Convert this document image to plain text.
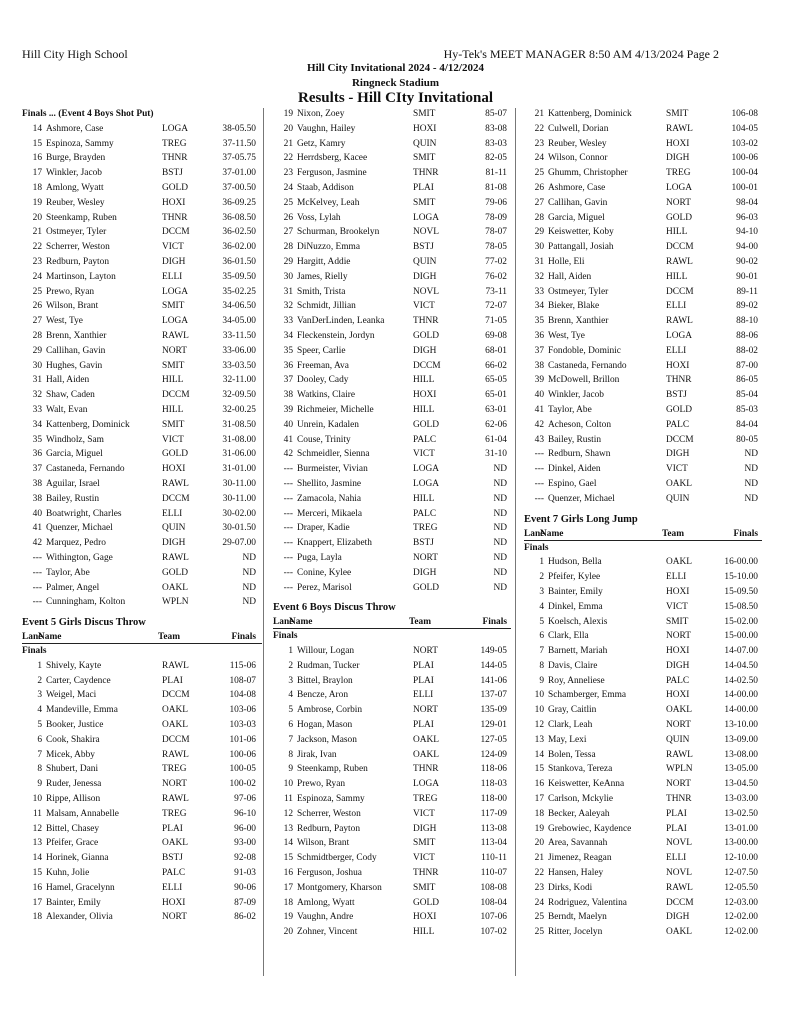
Hill City High School	Hy-Tek's MEET MANAGER 8:50 AM 4/13/2024 Page 2
Hill City Invitational 2024 - 4/12/2024
Ringneck Stadium
Results - Hill CIty Invitational
Finals ... (Event 4 Boys Shot Put)
14 Ashmore, Case	LOGA	38-05.50
15 Espinoza, Sammy	TREG	37-11.50
16 Burge, Brayden	THNR	37-05.75
17 Winkler, Jacob	BSTJ	37-01.00
18 Amlong, Wyatt	GOLD	37-00.50
19 Reuber, Wesley	HOXI	36-09.25
20 Steenkamp, Ruben	THNR	36-08.50
21 Ostmeyer, Tyler	DCCM	36-02.50
22 Scherrer, Weston	VICT	36-02.00
23 Redburn, Payton	DIGH	36-01.50
24 Martinson, Layton	ELLI	35-09.50
25 Prewo, Ryan	LOGA	35-02.25
26 Wilson, Brant	SMIT	34-06.50
27 West, Tye	LOGA	34-05.00
28 Brenn, Xanthier	RAWL	33-11.50
29 Callihan, Gavin	NORT	33-06.00
30 Hughes, Gavin	SMIT	33-03.50
31 Hall, Aiden	HILL	32-11.00
32 Shaw, Caden	DCCM	32-09.50
33 Walt, Evan	HILL	32-00.25
34 Kattenberg, Dominick	SMIT	31-08.50
35 Windholz, Sam	VICT	31-08.00
36 Garcia, Miguel	GOLD	31-06.00
37 Castaneda, Fernando	HOXI	31-01.00
38 Aguilar, Israel	RAWL	30-11.00
38 Bailey, Rustin	DCCM	30-11.00
40 Boatwright, Charles	ELLI	30-02.00
41 Quenzer, Michael	QUIN	30-01.50
42 Marquez, Pedro	DIGH	29-07.00
--- Withington, Gage	RAWL	ND
--- Taylor, Abe	GOLD	ND
--- Palmer, Angel	OAKL	ND
--- Cunningham, Kolton	WPLN	ND
Event 5 Girls Discus Throw
Lane
Name	Team	Finals
Finals
1 Shively, Kayte	RAWL	115-06
2 Carter, Caydence	PLAI	108-07
3 Weigel, Maci	DCCM	104-08
4 Mandeville, Emma	OAKL	103-06
5 Booker, Justice	OAKL	103-03
6 Cook, Shakira	DCCM	101-06
7 Micek, Abby	RAWL	100-06
8 Shubert, Dani	TREG	100-05
9 Ruder, Jenessa	NORT	100-02
10 Rippe, Allison	RAWL	97-06
11 Malsam, Annabelle	TREG	96-10
12 Bittel, Chasey	PLAI	96-00
13 Pfeifer, Grace	OAKL	93-00
14 Horinek, Gianna	BSTJ	92-08
15 Kuhn, Jolie	PALC	91-03
16 Hamel, Gracelynn	ELLI	90-06
17 Bainter, Emily	HOXI	87-09
18 Alexander, Olivia	NORT	86-02
19 Nixon, Zoey	SMIT	85-07
20 Vaughn, Hailey	HOXI	83-08
21 Getz, Kamry	QUIN	83-03
22 Herrdsberg, Kacee	SMIT	82-05
23 Ferguson, Jasmine	THNR	81-11
24 Staab, Addison	PLAI	81-08
25 McKelvey, Leah	SMIT	79-06
26 Voss, Lylah	LOGA	78-09
27 Schurman, Brookelyn	NOVL	78-07
28 DiNuzzo, Emma	BSTJ	78-05
29 Hargitt, Addie	QUIN	77-02
30 James, Rielly	DIGH	76-02
31 Smith, Trista	NOVL	73-11
32 Schmidt, Jillian	VICT	72-07
33 VanDerLinden, Leanka	THNR	71-05
34 Fleckenstein, Jordyn	GOLD	69-08
35 Speer, Carlie	DIGH	68-01
36 Freeman, Ava	DCCM	66-02
37 Dooley, Cady	HILL	65-05
38 Watkins, Claire	HOXI	65-01
39 Richmeier, Michelle	HILL	63-01
40 Unrein, Kadalen	GOLD	62-06
41 Couse, Trinity	PALC	61-04
42 Schmeidler, Sienna	VICT	31-10
--- Burmeister, Vivian	LOGA	ND
--- Shellito, Jasmine	LOGA	ND
--- Zamacola, Nahia	HILL	ND
--- Merceri, Mikaela	PALC	ND
--- Draper, Kadie	TREG	ND
--- Knappert, Elizabeth	BSTJ	ND
--- Puga, Layla	NORT	ND
--- Conine, Kylee	DIGH	ND
--- Perez, Marisol	GOLD	ND
Event 6 Boys Discus Throw
Lane
Name	Team	Finals
Finals
1 Willour, Logan	NORT	149-05
2 Rudman, Tucker	PLAI	144-05
3 Bittel, Braylon	PLAI	141-06
4 Bencze, Aron	ELLI	137-07
5 Ambrose, Corbin	NORT	135-09
6 Hogan, Mason	PLAI	129-01
7 Jackson, Mason	OAKL	127-05
8 Jirak, Ivan	OAKL	124-09
9 Steenkamp, Ruben	THNR	118-06
10 Prewo, Ryan	LOGA	118-03
11 Espinoza, Sammy	TREG	118-00
12 Scherrer, Weston	VICT	117-09
13 Redburn, Payton	DIGH	113-08
14 Wilson, Brant	SMIT	113-04
15 Schmidtberger, Cody	VICT	110-11
16 Ferguson, Joshua	THNR	110-07
17 Montgomery, Kharson	SMIT	108-08
18 Amlong, Wyatt	GOLD	108-04
19 Vaughn, Andre	HOXI	107-06
20 Zohner, Vincent	HILL	107-02
21 Kattenberg, Dominick	SMIT	106-08
22 Culwell, Dorian	RAWL	104-05
23 Reuber, Wesley	HOXI	103-02
24 Wilson, Connor	DIGH	100-06
25 Ghumm, Christopher	TREG	100-04
26 Ashmore, Case	LOGA	100-01
27 Callihan, Gavin	NORT	98-04
28 Garcia, Miguel	GOLD	96-03
29 Keiswetter, Koby	HILL	94-10
30 Pattangall, Josiah	DCCM	94-00
31 Holle, Eli	RAWL	90-02
32 Hall, Aiden	HILL	90-01
33 Ostmeyer, Tyler	DCCM	89-11
34 Bieker, Blake	ELLI	89-02
35 Brenn, Xanthier	RAWL	88-10
36 West, Tye	LOGA	88-06
37 Fondoble, Dominic	ELLI	88-02
38 Castaneda, Fernando	HOXI	87-00
39 McDowell, Brillon	THNR	86-05
40 Winkler, Jacob	BSTJ	85-04
41 Taylor, Abe	GOLD	85-03
42 Acheson, Colton	PALC	84-04
43 Bailey, Rustin	DCCM	80-05
--- Redburn, Shawn	DIGH	ND
--- Dinkel, Aiden	VICT	ND
--- Espino, Gael	OAKL	ND
--- Quenzer, Michael	QUIN	ND
Event 7 Girls Long Jump
Lane
Name	Team	Finals
Finals
1 Hudson, Bella	OAKL	16-00.00
2 Pfeifer, Kylee	ELLI	15-10.00
3 Bainter, Emily	HOXI	15-09.50
4 Dinkel, Emma	VICT	15-08.50
5 Koelsch, Alexis	SMIT	15-02.00
6 Clark, Ella	NORT	15-00.00
7 Barnett, Mariah	HOXI	14-07.00
8 Davis, Claire	DIGH	14-04.50
9 Roy, Anneliese	PALC	14-02.50
10 Schamberger, Emma	HOXI	14-00.00
10 Gray, Caitlin	OAKL	14-00.00
12 Clark, Leah	NORT	13-10.00
13 May, Lexi	QUIN	13-09.00
14 Bolen, Tessa	RAWL	13-08.00
15 Stankova, Tereza	WPLN	13-05.00
16 Keiswetter, KeAnna	NORT	13-04.50
17 Carlson, Mckylie	THNR	13-03.00
18 Becker, Aaleyah	PLAI	13-02.50
19 Grebowiec, Kaydence	PLAI	13-01.00
20 Area, Savannah	NOVL	13-00.00
21 Jimenez, Reagan	ELLI	12-10.00
22 Hansen, Haley	NOVL	12-07.50
23 Dirks, Kodi	RAWL	12-05.50
24 Rodriguez, Valentina	DCCM	12-03.00
25 Berndt, Maelyn	DIGH	12-02.00
25 Ritter, Jocelyn	OAKL	12-02.00
